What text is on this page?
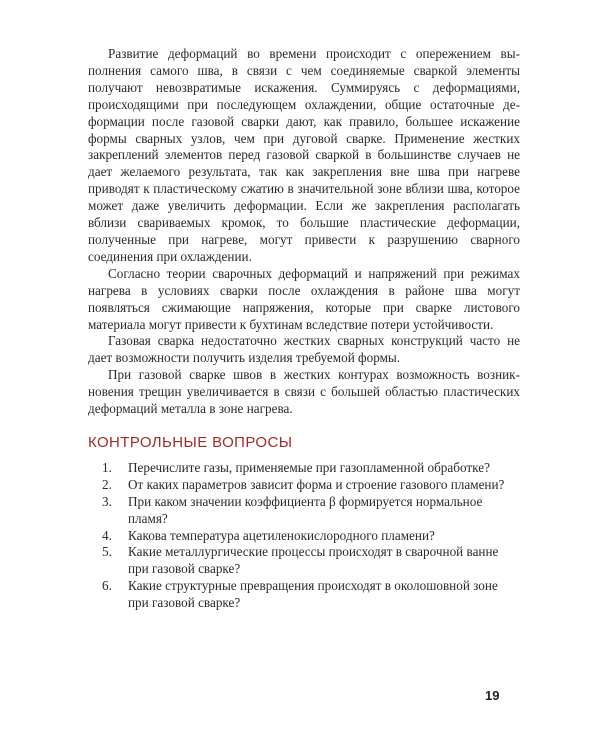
Развитие деформаций во времени происходит с опережением выполнения самого шва, в связи с чем соединяемые сваркой элементы получают невозвратимые искажения. Суммируясь с деформациями, происходящими при последующем охлаждении, общие остаточные деформации после газовой сварки дают, как правило, большее искажение формы сварных узлов, чем при дуговой сварке. Применение жестких закреплений элементов перед газовой сваркой в большинстве случаев не дает желаемого результата, так как закрепления вне шва при нагреве приводят к пластическому сжатию в значительной зоне вблизи шва, которое может даже увеличить деформации. Если же закрепления располагать вблизи свариваемых кромок, то большие пластические деформации, полученные при нагреве, могут привести к разрушению сварного соединения при охлаждении.

Согласно теории сварочных деформаций и напряжений при режимах нагрева в условиях сварки после охлаждения в районе шва могут появляться сжимающие напряжения, которые при сварке листового материала могут привести к бухтинам вследствие потери устойчивости.

Газовая сварка недостаточно жестких сварных конструкций часто не дает возможности получить изделия требуемой формы.

При газовой сварке швов в жестких контурах возможность возникновения трещин увеличивается в связи с большей областью пластических деформаций металла в зоне нагрева.

КОНТРОЛЬНЫЕ ВОПРОСЫ
1.	Перечислите газы, применяемые при газопламенной обработке?
2.	От каких параметров зависит форма и строение газового пламени?
3.	При каком значении коэффициента β формируется нормальное пламя?
4.	Какова температура ацетиленокислородного пламени?
5.	Какие металлургические процессы происходят в сварочной ванне при газовой сварке?
6.	Какие структурные превращения происходят в околошовной зоне при газовой сварке?
19
